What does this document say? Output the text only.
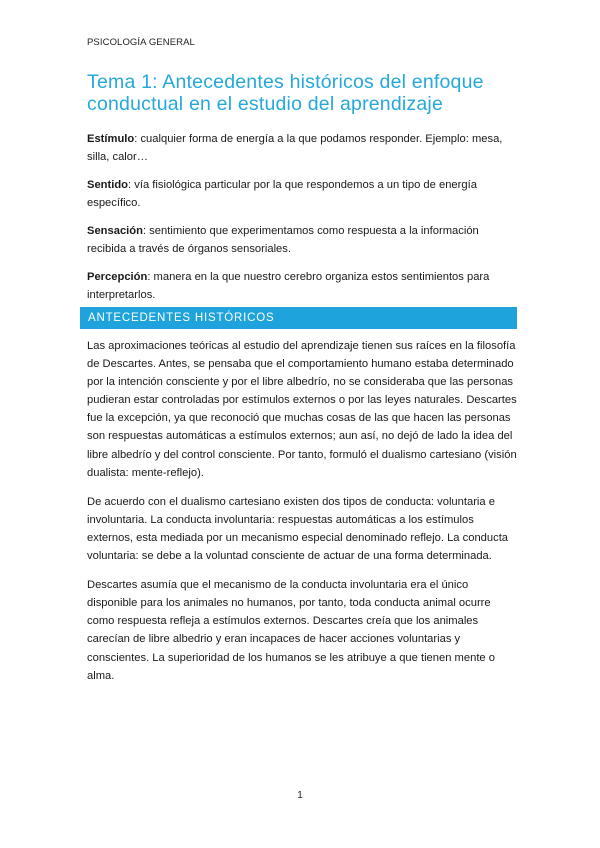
PSICOLOGÍA GENERAL
Tema 1: Antecedentes históricos del enfoque conductual en el estudio del aprendizaje

Estímulo: cualquier forma de energía a la que podamos responder. Ejemplo: mesa, silla, calor…

Sentido: vía fisiológica particular por la que respondemos a un tipo de energía específico.

Sensación: sentimiento que experimentamos como respuesta a la información recibida a través de órganos sensoriales.

Percepción: manera en la que nuestro cerebro organiza estos sentimientos para interpretarlos.

ANTECEDENTES HISTÓRICOS

Las aproximaciones teóricas al estudio del aprendizaje tienen sus raíces en la filosofía de Descartes. Antes, se pensaba que el comportamiento humano estaba determinado por la intención consciente y por el libre albedrío, no se consideraba que las personas pudieran estar controladas por estímulos externos o por las leyes naturales. Descartes fue la excepción, ya que reconoció que muchas cosas de las que hacen las personas son respuestas automáticas a estímulos externos; aun así, no dejó de lado la idea del libre albedrío y del control consciente. Por tanto, formuló el dualismo cartesiano (visión dualista: mente-reflejo).

De acuerdo con el dualismo cartesiano existen dos tipos de conducta: voluntaria e involuntaria. La conducta involuntaria: respuestas automáticas a los estímulos externos, esta mediada por un mecanismo especial denominado reflejo. La conducta voluntaria: se debe a la voluntad consciente de actuar de una forma determinada.

Descartes asumía que el mecanismo de la conducta involuntaria era el único disponible para los animales no humanos, por tanto, toda conducta animal ocurre como respuesta refleja a estímulos externos. Descartes creía que los animales carecían de libre albedrio y eran incapaces de hacer acciones voluntarias y conscientes. La superioridad de los humanos se les atribuye a que tienen mente o alma.

1
